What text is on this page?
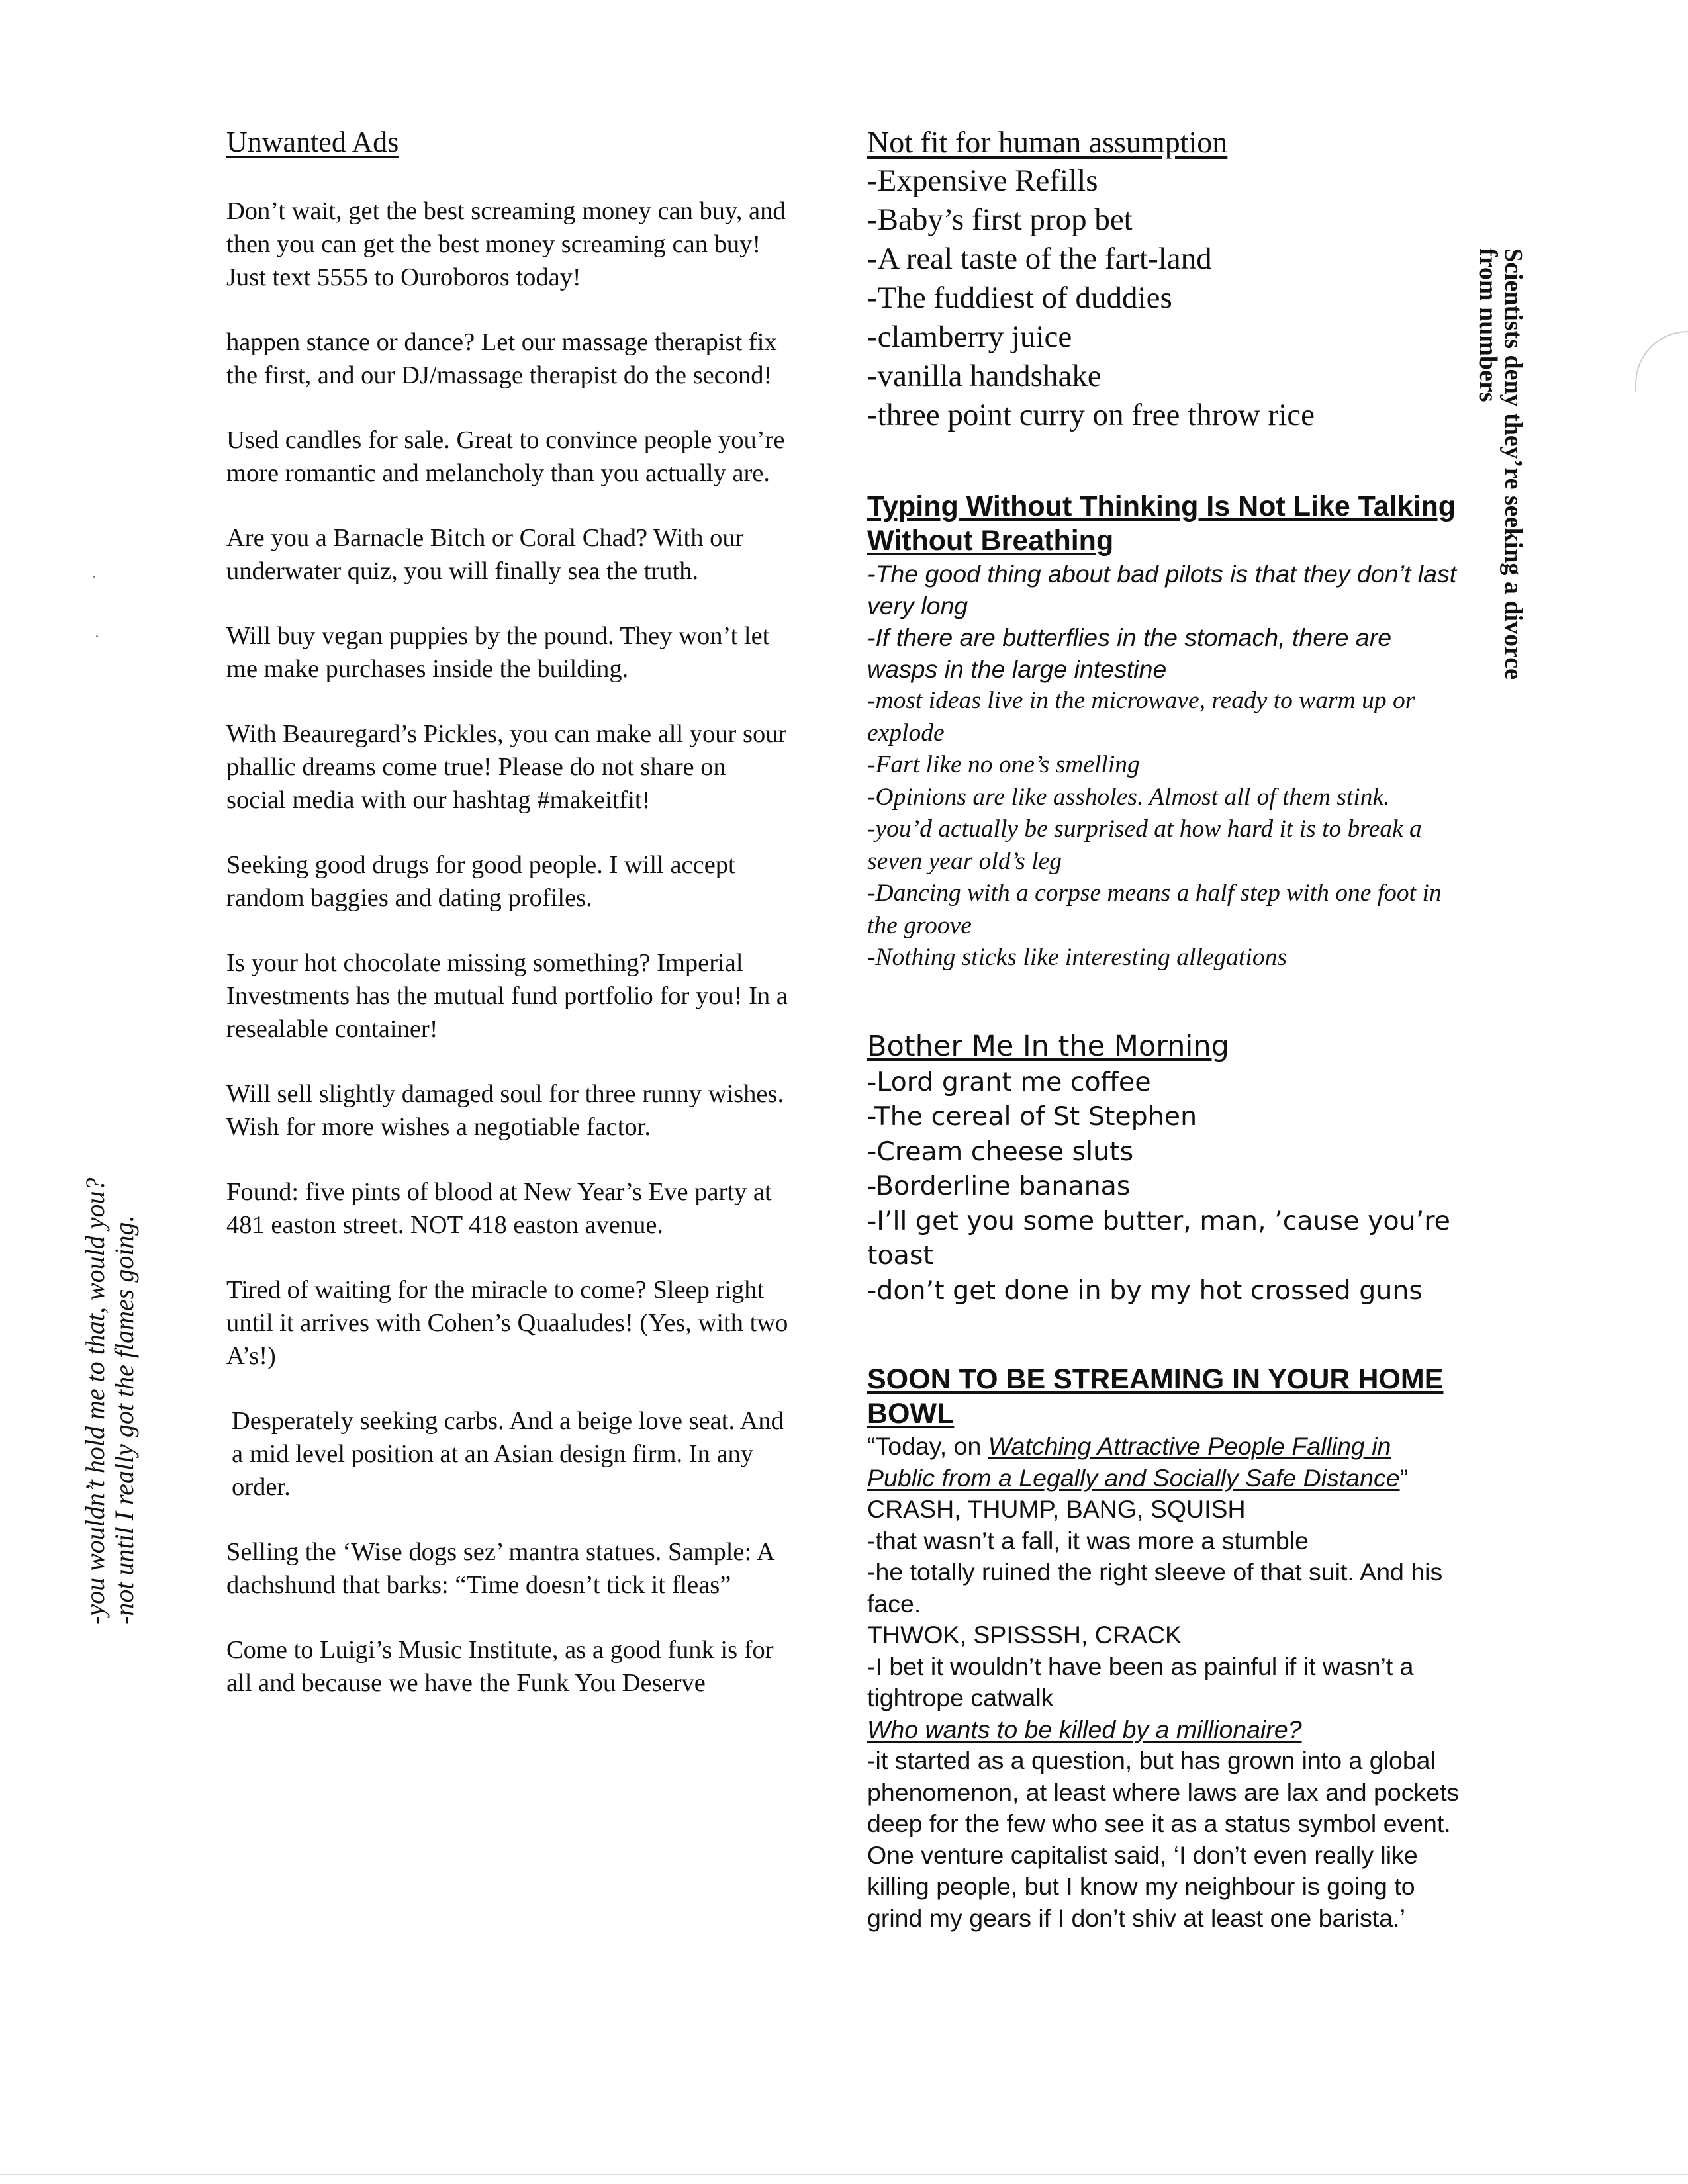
Unwanted Ads

Don’t wait, get the best screaming money can buy, and then you can get the best money screaming can buy! Just text 5555 to Ouroboros today!

happen stance or dance? Let our massage therapist fix the first, and our DJ/massage therapist do the second!

Used candles for sale. Great to convince people you’re more romantic and melancholy than you actually are.

Are you a Barnacle Bitch or Coral Chad? With our underwater quiz, you will finally sea the truth.

Will buy vegan puppies by the pound. They won’t let me make purchases inside the building.

With Beauregard’s Pickles, you can make all your sour phallic dreams come true! Please do not share on social media with our hashtag #makeitfit!

Seeking good drugs for good people. I will accept random baggies and dating profiles.

Is your hot chocolate missing something? Imperial Investments has the mutual fund portfolio for you! In a resealable container!

Will sell slightly damaged soul for three runny wishes. Wish for more wishes a negotiable factor.

Found: five pints of blood at New Year’s Eve party at 481 easton street. NOT 418 easton avenue.

Tired of waiting for the miracle to come? Sleep right until it arrives with Cohen’s Quaaludes! (Yes, with two A’s!)

Desperately seeking carbs. And a beige love seat. And a mid level position at an Asian design firm. In any order.

Selling the ‘Wise dogs sez’ mantra statues. Sample: A dachshund that barks: “Time doesn’t tick it fleas”

Come to Luigi’s Music Institute, as a good funk is for all and because we have the Funk You Deserve

Not fit for human assumption

-Expensive Refills

-Baby’s first prop bet

-A real taste of the fart-land

-The fuddiest of duddies

-clamberry juice

-vanilla handshake

-three point curry on free throw rice

Typing Without Thinking Is Not Like Talking Without Breathing

-The good thing about bad pilots is that they don’t last very long

-If there are butterflies in the stomach, there are wasps in the large intestine

-most ideas live in the microwave, ready to warm up or explode

-Fart like no one’s smelling

-Opinions are like assholes. Almost all of them stink.

-you’d actually be surprised at how hard it is to break a seven year old’s leg

-Dancing with a corpse means a half step with one foot in the groove

-Nothing sticks like interesting allegations

Bother Me In the Morning

-Lord grant me coffee

-The cereal of St Stephen

-Cream cheese sluts

-Borderline bananas

-I’ll get you some butter, man, ’cause you’re toast

-don’t get done in by my hot crossed guns

SOON TO BE STREAMING IN YOUR HOME BOWL

“Today, on Watching Attractive People Falling in Public from a Legally and Socially Safe Distance”

CRASH, THUMP, BANG, SQUISH

-that wasn’t a fall, it was more a stumble

-he totally ruined the right sleeve of that suit. And his face.

THWOK, SPISSSH, CRACK

-I bet it wouldn’t have been as painful if it wasn’t a tightrope catwalk

Who wants to be killed by a millionaire?

-it started as a question, but has grown into a global phenomenon, at least where laws are lax and pockets deep for the few who see it as a status symbol event. One venture capitalist said, ‘I don’t even really like killing people, but I know my neighbour is going to grind my gears if I don’t shiv at least one barista.’

Scientists deny they’re seeking a divorce
from numbers
-you wouldn’t hold me to that, would you? -not until I really got the flames going.
